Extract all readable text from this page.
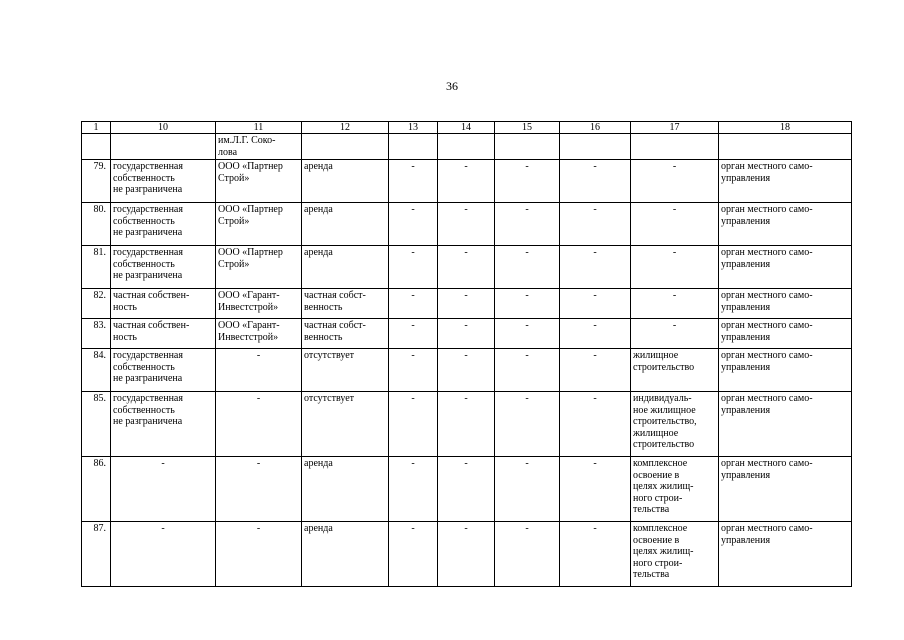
36
1	10	11	12	13	14	15	16	17	18
		им.Л.Г. Соко-
лова							
79.	государственная
собственность
не разграничена	ООО «Партнер
Строй»	аренда	-	-	-	-	-	орган местного само-
управления
80.	государственная
собственность
не разграничена	ООО «Партнер
Строй»	аренда	-	-	-	-	-	орган местного само-
управления
81.	государственная
собственность
не разграничена	ООО «Партнер
Строй»	аренда	-	-	-	-	-	орган местного само-
управления
82.	частная собствен-
ность	ООО «Гарант-
Инвестстрой»	частная собст-
венность	-	-	-	-	-	орган местного само-
управления
83.	частная собствен-
ность	ООО «Гарант-
Инвестстрой»	частная собст-
венность	-	-	-	-	-	орган местного само-
управления
84.	государственная
собственность
не разграничена	-	отсутствует	-	-	-	-	жилищное
строительство	орган местного само-
управления
85.	государственная
собственность
не разграничена	-	отсутствует	-	-	-	-	индивидуаль-
ное жилищное
строительство,
жилищное
строительство	орган местного само-
управления
86.	-	-	аренда	-	-	-	-	комплексное
освоение в
целях жилищ-
ного строи-
тельства	орган местного само-
управления
87.	-	-	аренда	-	-	-	-	комплексное
освоение в
целях жилищ-
ного строи-
тельства	орган местного само-
управления
